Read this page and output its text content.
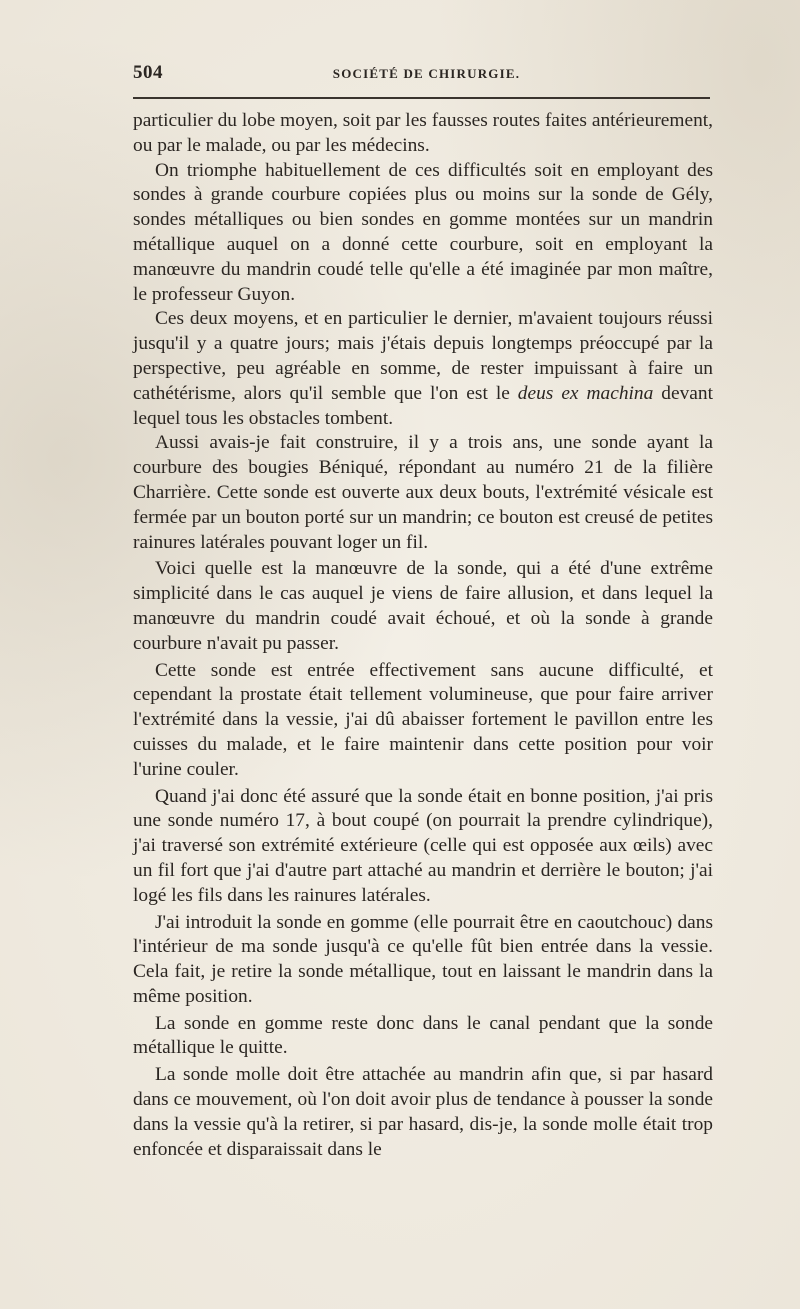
504	SOCIÉTÉ DE CHIRURGIE.

particulier du lobe moyen, soit par les fausses routes faites antérieurement, ou par le malade, ou par les médecins.

On triomphe habituellement de ces difficultés soit en employant des sondes à grande courbure copiées plus ou moins sur la sonde de Gély, sondes métalliques ou bien sondes en gomme montées sur un mandrin métallique auquel on a donné cette courbure, soit en employant la manœuvre du mandrin coudé telle qu'elle a été imaginée par mon maître, le professeur Guyon.

Ces deux moyens, et en particulier le dernier, m'avaient toujours réussi jusqu'il y a quatre jours; mais j'étais depuis longtemps préoccupé par la perspective, peu agréable en somme, de rester impuissant à faire un cathétérisme, alors qu'il semble que l'on est le deus ex machina devant lequel tous les obstacles tombent.

Aussi avais-je fait construire, il y a trois ans, une sonde ayant la courbure des bougies Béniqué, répondant au numéro 21 de la filière Charrière. Cette sonde est ouverte aux deux bouts, l'extrémité vésicale est fermée par un bouton porté sur un mandrin; ce bouton est creusé de petites rainures latérales pouvant loger un fil.

Voici quelle est la manœuvre de la sonde, qui a été d'une extrême simplicité dans le cas auquel je viens de faire allusion, et dans lequel la manœuvre du mandrin coudé avait échoué, et où la sonde à grande courbure n'avait pu passer.

Cette sonde est entrée effectivement sans aucune difficulté, et cependant la prostate était tellement volumineuse, que pour faire arriver l'extrémité dans la vessie, j'ai dû abaisser fortement le pavillon entre les cuisses du malade, et le faire maintenir dans cette position pour voir l'urine couler.

Quand j'ai donc été assuré que la sonde était en bonne position, j'ai pris une sonde numéro 17, à bout coupé (on pourrait la prendre cylindrique), j'ai traversé son extrémité extérieure (celle qui est opposée aux œils) avec un fil fort que j'ai d'autre part attaché au mandrin et derrière le bouton; j'ai logé les fils dans les rainures latérales.

J'ai introduit la sonde en gomme (elle pourrait être en caoutchouc) dans l'intérieur de ma sonde jusqu'à ce qu'elle fût bien entrée dans la vessie. Cela fait, je retire la sonde métallique, tout en laissant le mandrin dans la même position.

La sonde en gomme reste donc dans le canal pendant que la sonde métallique le quitte.

La sonde molle doit être attachée au mandrin afin que, si par hasard dans ce mouvement, où l'on doit avoir plus de tendance à pousser la sonde dans la vessie qu'à la retirer, si par hasard, dis-je, la sonde molle était trop enfoncée et disparaissait dans le
